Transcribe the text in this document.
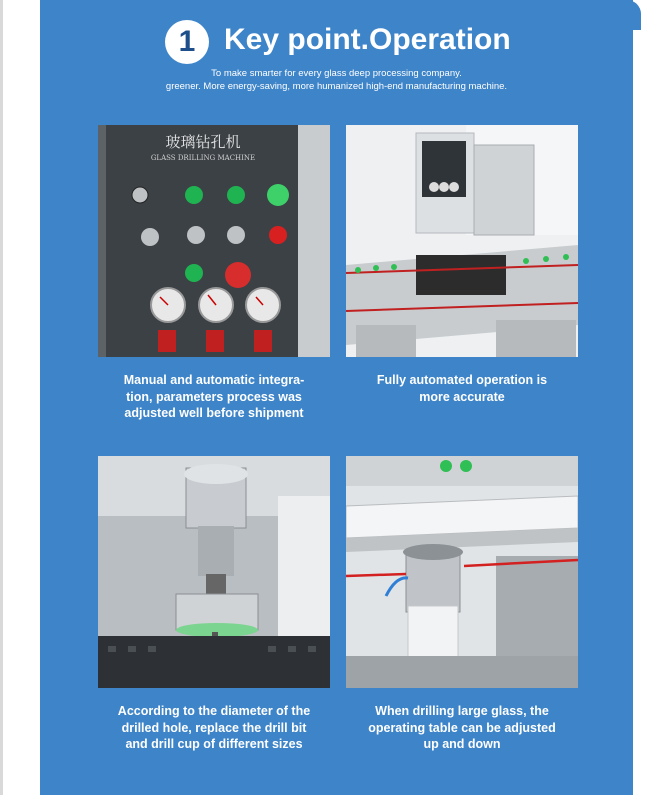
1 Key point.Operation
To make smarter for every glass deep processing company.
greener. More energy-saving, more humanized high-end manufacturing machine.
玻璃钻孔机
GLASS DRILLING MACHINE
Manual and automatic integra-
tion, parameters process was
adjusted well before shipment
Fully automated operation is
more accurate
According to the diameter of the
drilled hole, replace the drill bit
and drill cup of different sizes
When drilling large glass, the
operating table can be adjusted
up and down
